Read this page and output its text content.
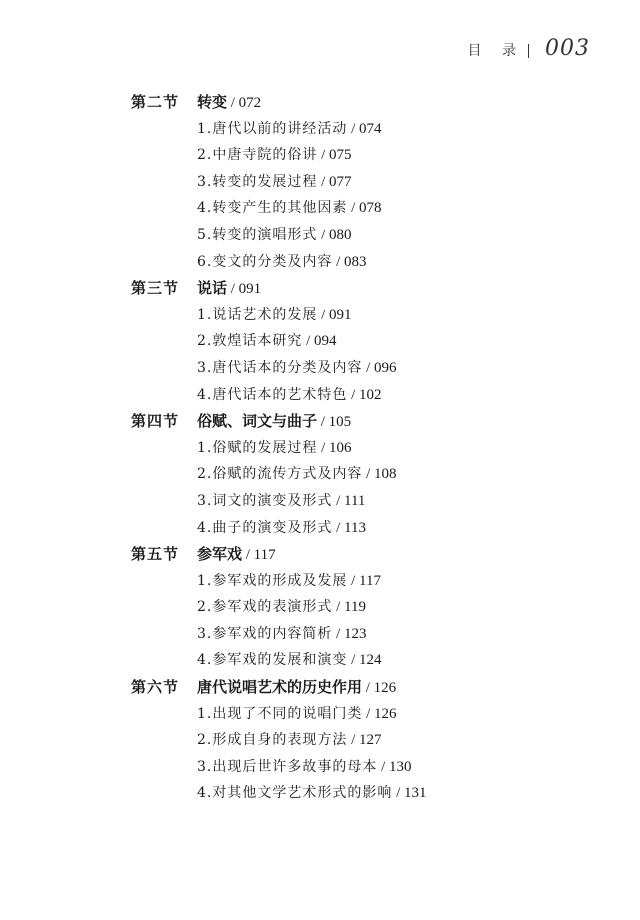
目 录 003
第二节 转变 / 072
1.唐代以前的讲经活动 / 074
2.中唐寺院的俗讲 / 075
3.转变的发展过程 / 077
4.转变产生的其他因素 / 078
5.转变的演唱形式 / 080
6.变文的分类及内容 / 083
第三节 说话 / 091
1.说话艺术的发展 / 091
2.敦煌话本研究 / 094
3.唐代话本的分类及内容 / 096
4.唐代话本的艺术特色 / 102
第四节 俗赋、词文与曲子 / 105
1.俗赋的发展过程 / 106
2.俗赋的流传方式及内容 / 108
3.词文的演变及形式 / 111
4.曲子的演变及形式 / 113
第五节 参军戏 / 117
1.参军戏的形成及发展 / 117
2.参军戏的表演形式 / 119
3.参军戏的内容简析 / 123
4.参军戏的发展和演变 / 124
第六节 唐代说唱艺术的历史作用 / 126
1.出现了不同的说唱门类 / 126
2.形成自身的表现方法 / 127
3.出现后世许多故事的母本 / 130
4.对其他文学艺术形式的影响 / 131
